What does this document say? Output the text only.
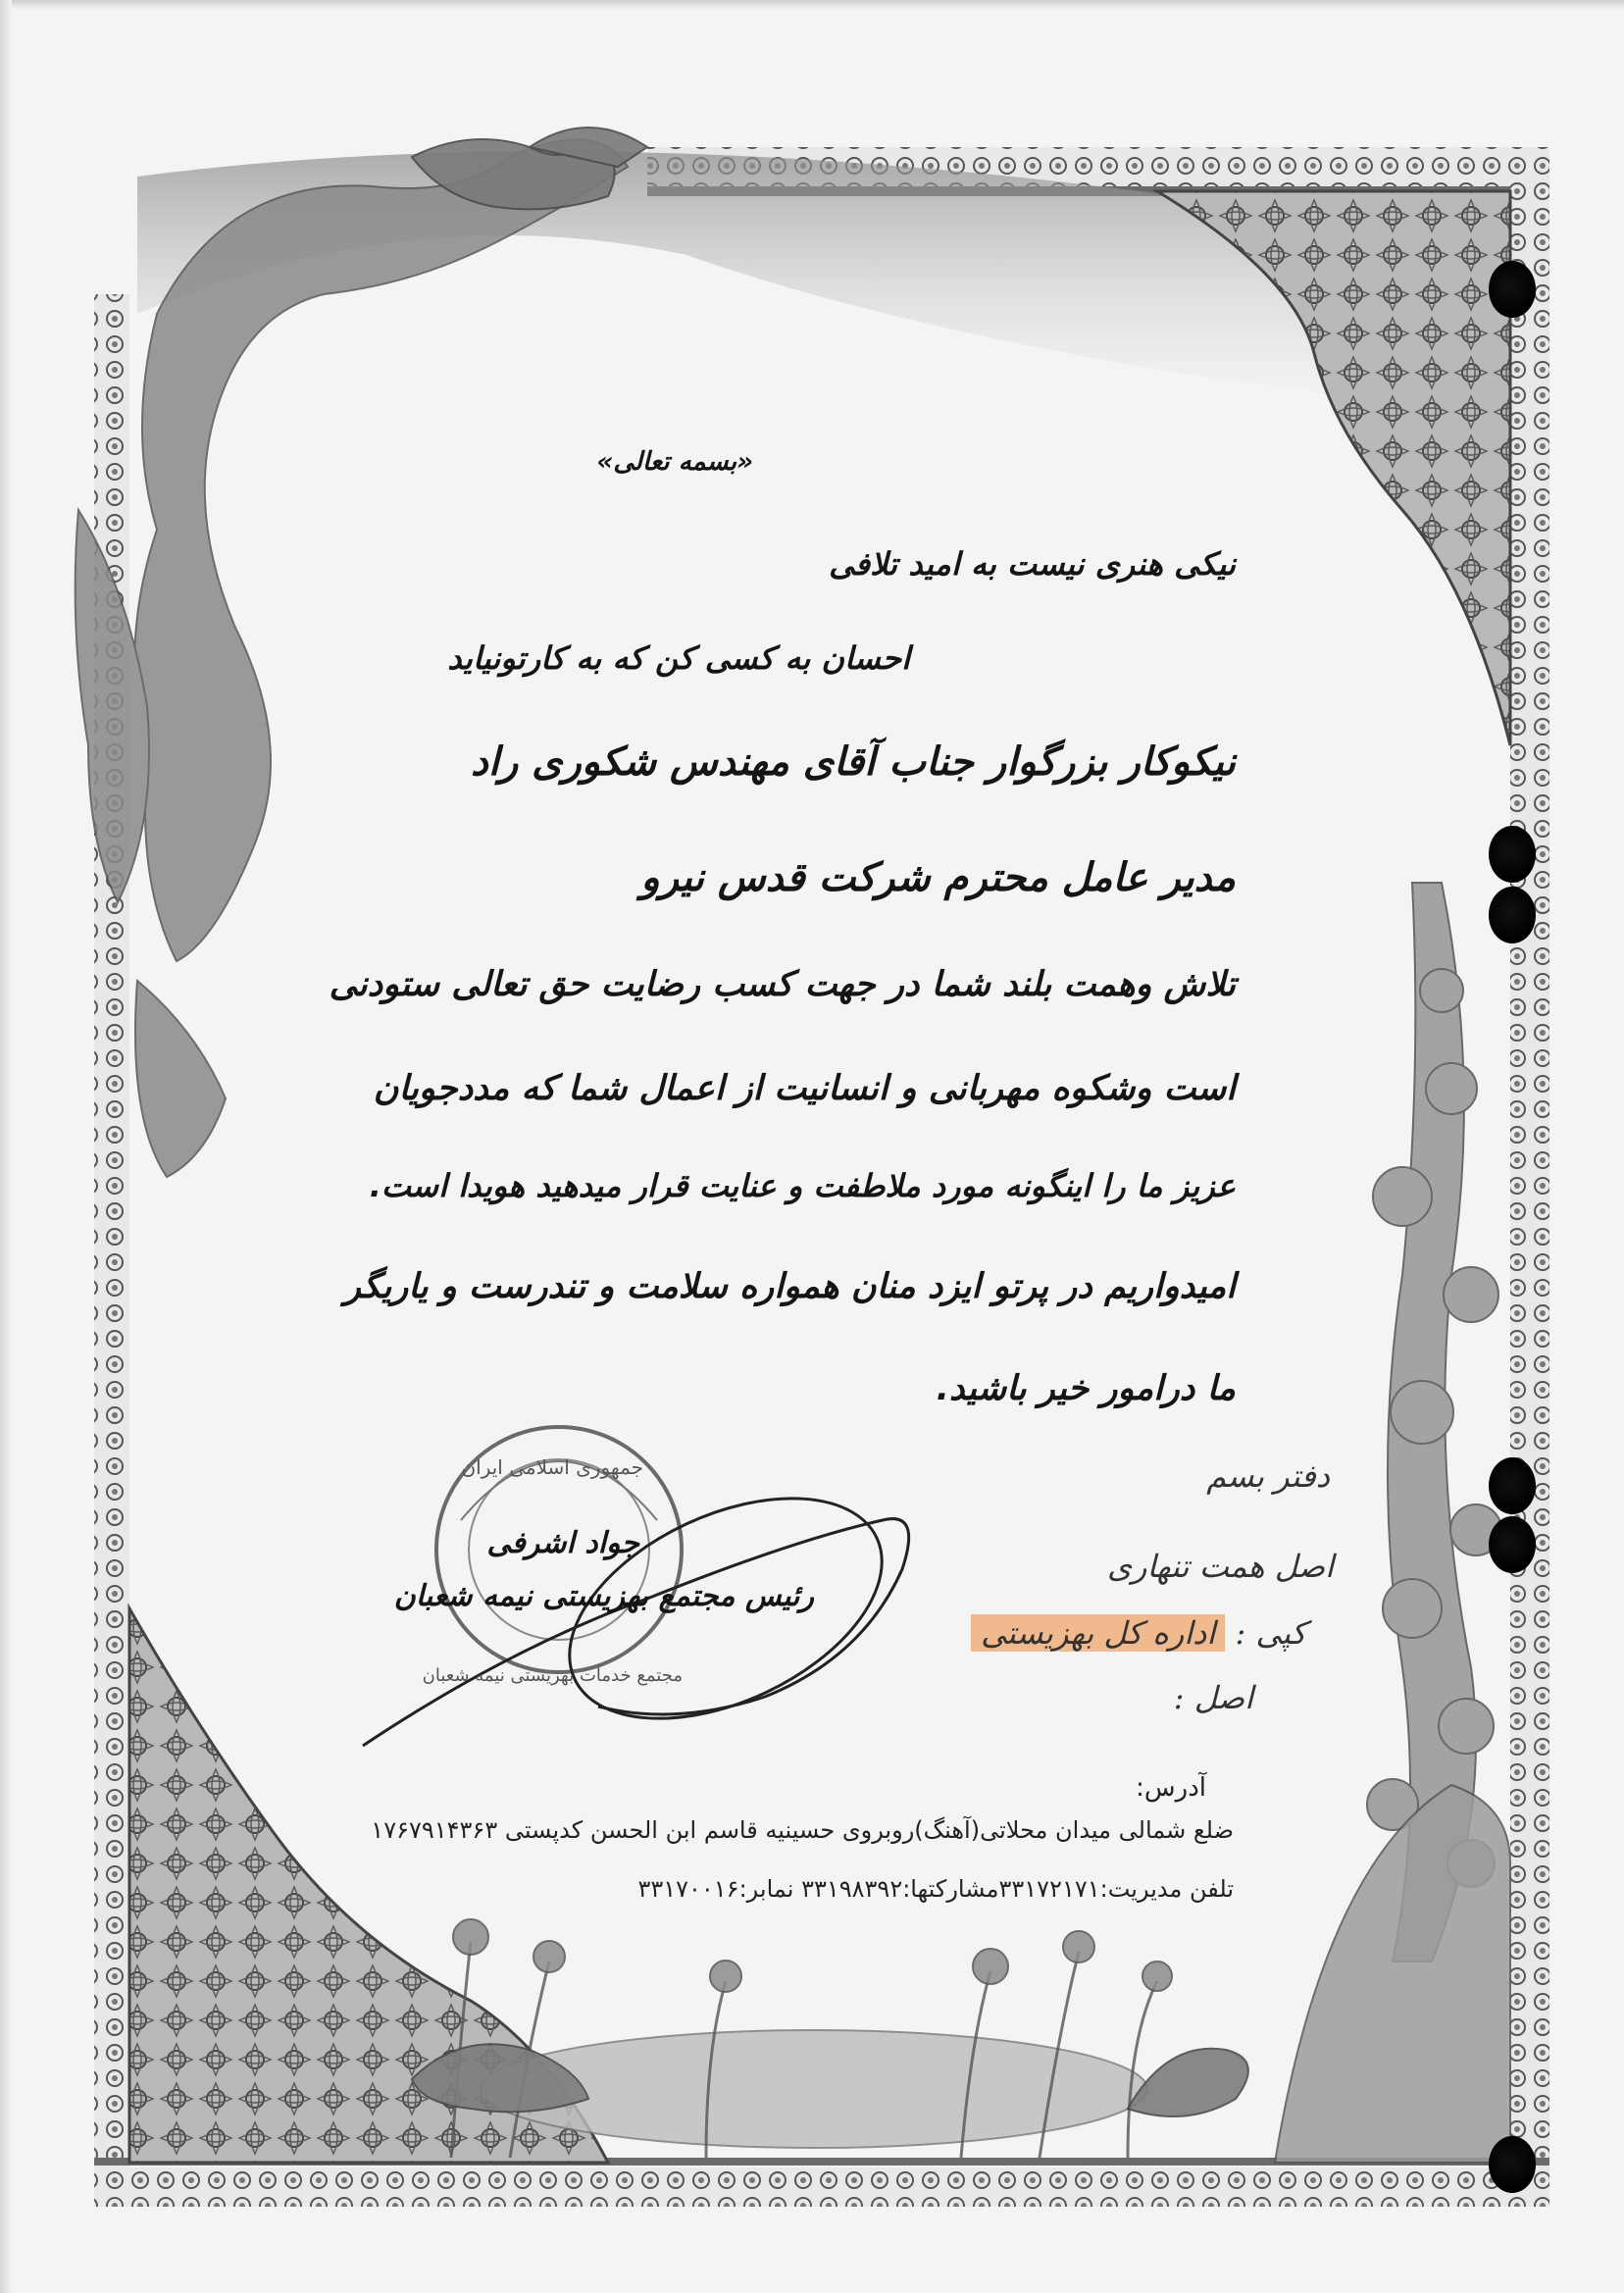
«بسمه تعالی»
نیکی هنری نیست به امید تلافی
احسان به کسی کن که به کارتونیاید
نیکوکار بزرگوار جناب آقای مهندس شکوری راد
مدیر عامل محترم شرکت قدس نیرو
تلاش وهمت بلند شما در جهت کسب رضایت حق تعالی ستودنی
است وشکوه مهربانی و انسانیت از اعمال شما که مددجویان
عزیز ما را اینگونه مورد ملاطفت و عنایت قرار میدهید هویدا است.
امیدواریم در پرتو ایزد منان همواره سلامت و تندرست و یاریگر
ما درامور خیر باشید.
جمهوری اسلامی ایران
مجتمع خدمات بهزیستی نیمه شعبان
جواد اشرفی
رئیس مجتمع بهزیستی نیمه شعبان
دفتر بسم
اصل همت تنهاری
کپی : اداره کل بهزیستی
اصل :
آدرس:
ضلع شمالی میدان محلاتی(آهنگ)روبروی حسینیه قاسم ابن الحسن کدپستی ۱۷۶۷۹۱۴۳۶۳
تلفن مدیریت:۳۳۱۷۲۱۷۱مشارکتها:۳۳۱۹۸۳۹۲ نمابر:۳۳۱۷۰۰۱۶
